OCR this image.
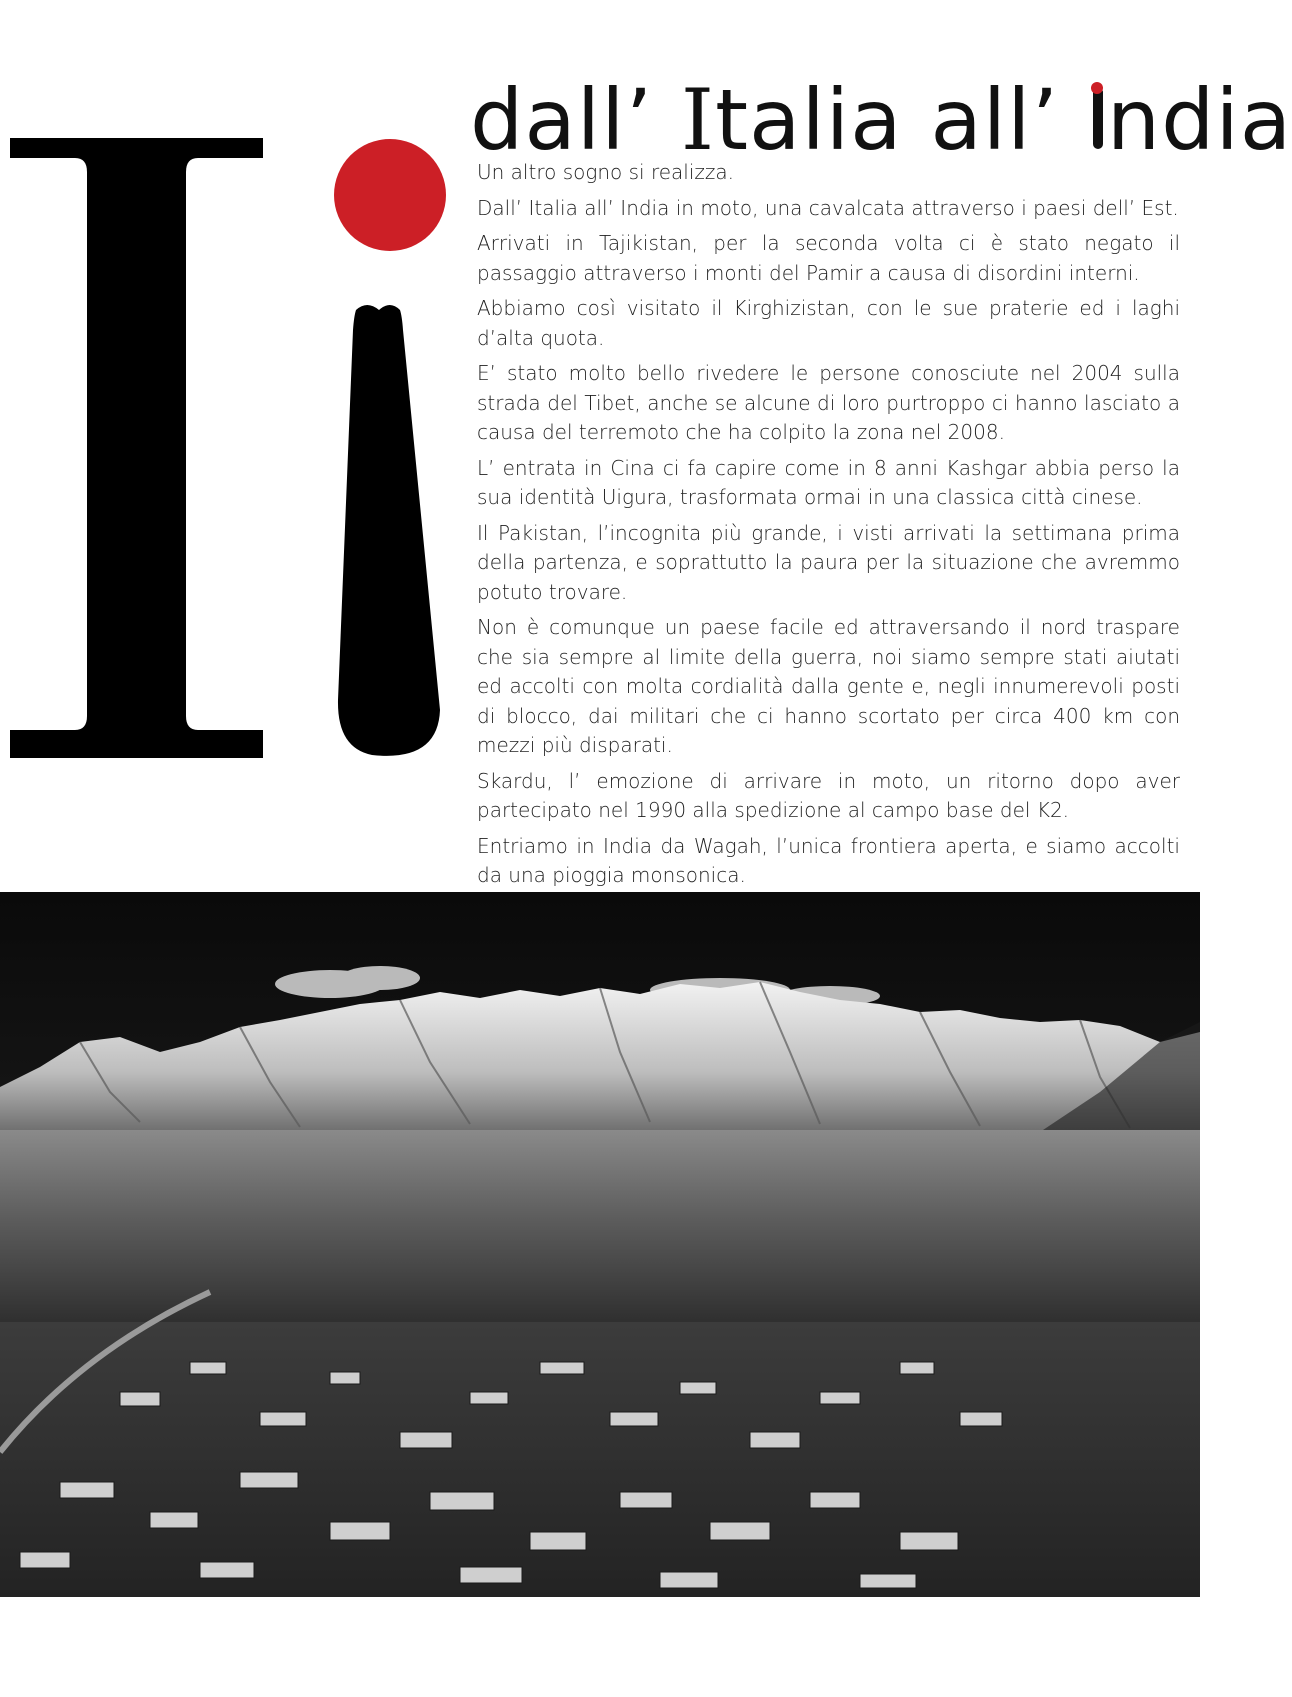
dall’ Italia all’
ndia

Un altro sogno si realizza.

Dall’ Italia all’ India in moto, una cavalcata attraverso i paesi dell’ Est.

Arrivati in Tajikistan, per la seconda volta ci è stato negato il passaggio attraverso i monti del Pamir a causa di disordini interni.

Abbiamo così visitato il Kirghizistan, con le sue praterie ed i laghi d’alta quota.

E’ stato molto bello rivedere le persone conosciute nel 2004 sulla strada del Tibet, anche se alcune di loro purtroppo ci hanno lasciato a causa del terremoto che ha colpito la zona nel 2008.

L’ entrata in Cina ci fa capire come in 8 anni Kashgar abbia perso la sua identità Uigura, trasformata ormai in una classica città cinese.

Il Pakistan, l’incognita più grande, i visti arrivati la settimana prima della partenza, e soprattutto la paura per la situazione che avremmo potuto trovare.

Non è comunque un paese facile ed attraversando il nord traspare che sia sempre al limite della guerra, noi siamo sempre stati aiutati ed accolti con molta cordialità dalla gente e, negli innumerevoli posti di blocco, dai militari che ci hanno scortato per circa 400 km con mezzi più disparati.

Skardu, l’ emozione di arrivare in moto, un ritorno dopo aver partecipato nel 1990 alla spedizione al campo base del K2.

Entriamo in India da Wagah, l’unica frontiera aperta, e siamo accolti da una pioggia monsonica.
